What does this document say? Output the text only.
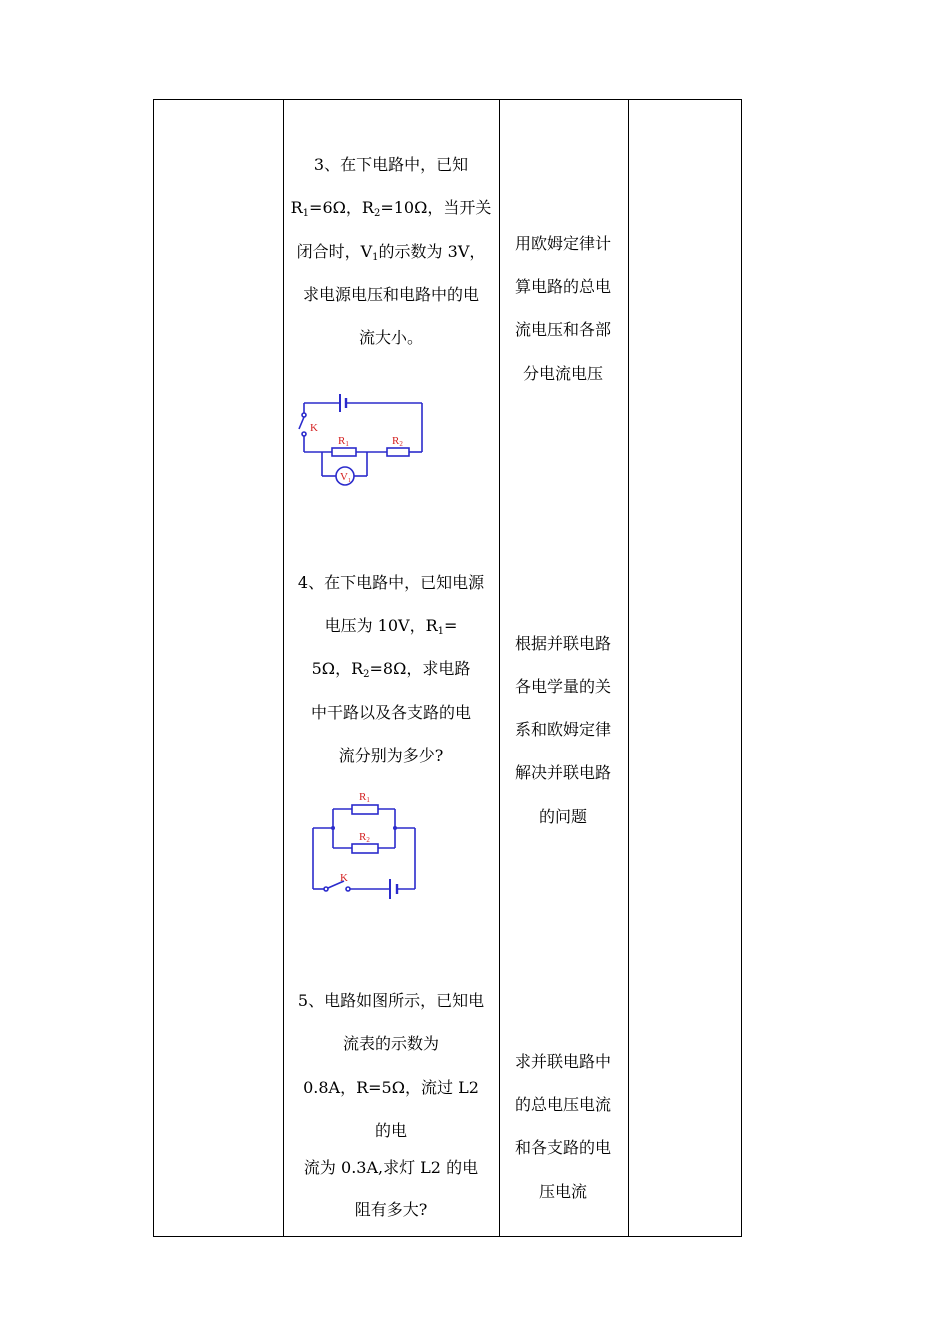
3、在下电路中，已知
$R_1=6\Omega$，$R_2=10\Omega$，当开关
闭合时，$V_1$的示数为 3V，
求电源电压和电路中的电
流大小。
用欧姆定律计
算电路的总电
流电压和各部
分电流电压
K
R1	R2
V1
4、在下电路中，已知电源
电压为 10V，$R_1=$
5Ω，$R_2=8\Omega$，求电路
中干路以及各支路的电
流分别为多少?
根据并联电路
各电学量的关
系和欧姆定律
解决并联电路
的问题
R1
R2
K
5、电路如图所示，已知电
流表的示数为
0.8A，R=5Ω，流过 L2
的电
流为 0.3A,求灯 L2 的电
阻有多大?
求并联电路中
的总电压电流
和各支路的电
压电流
